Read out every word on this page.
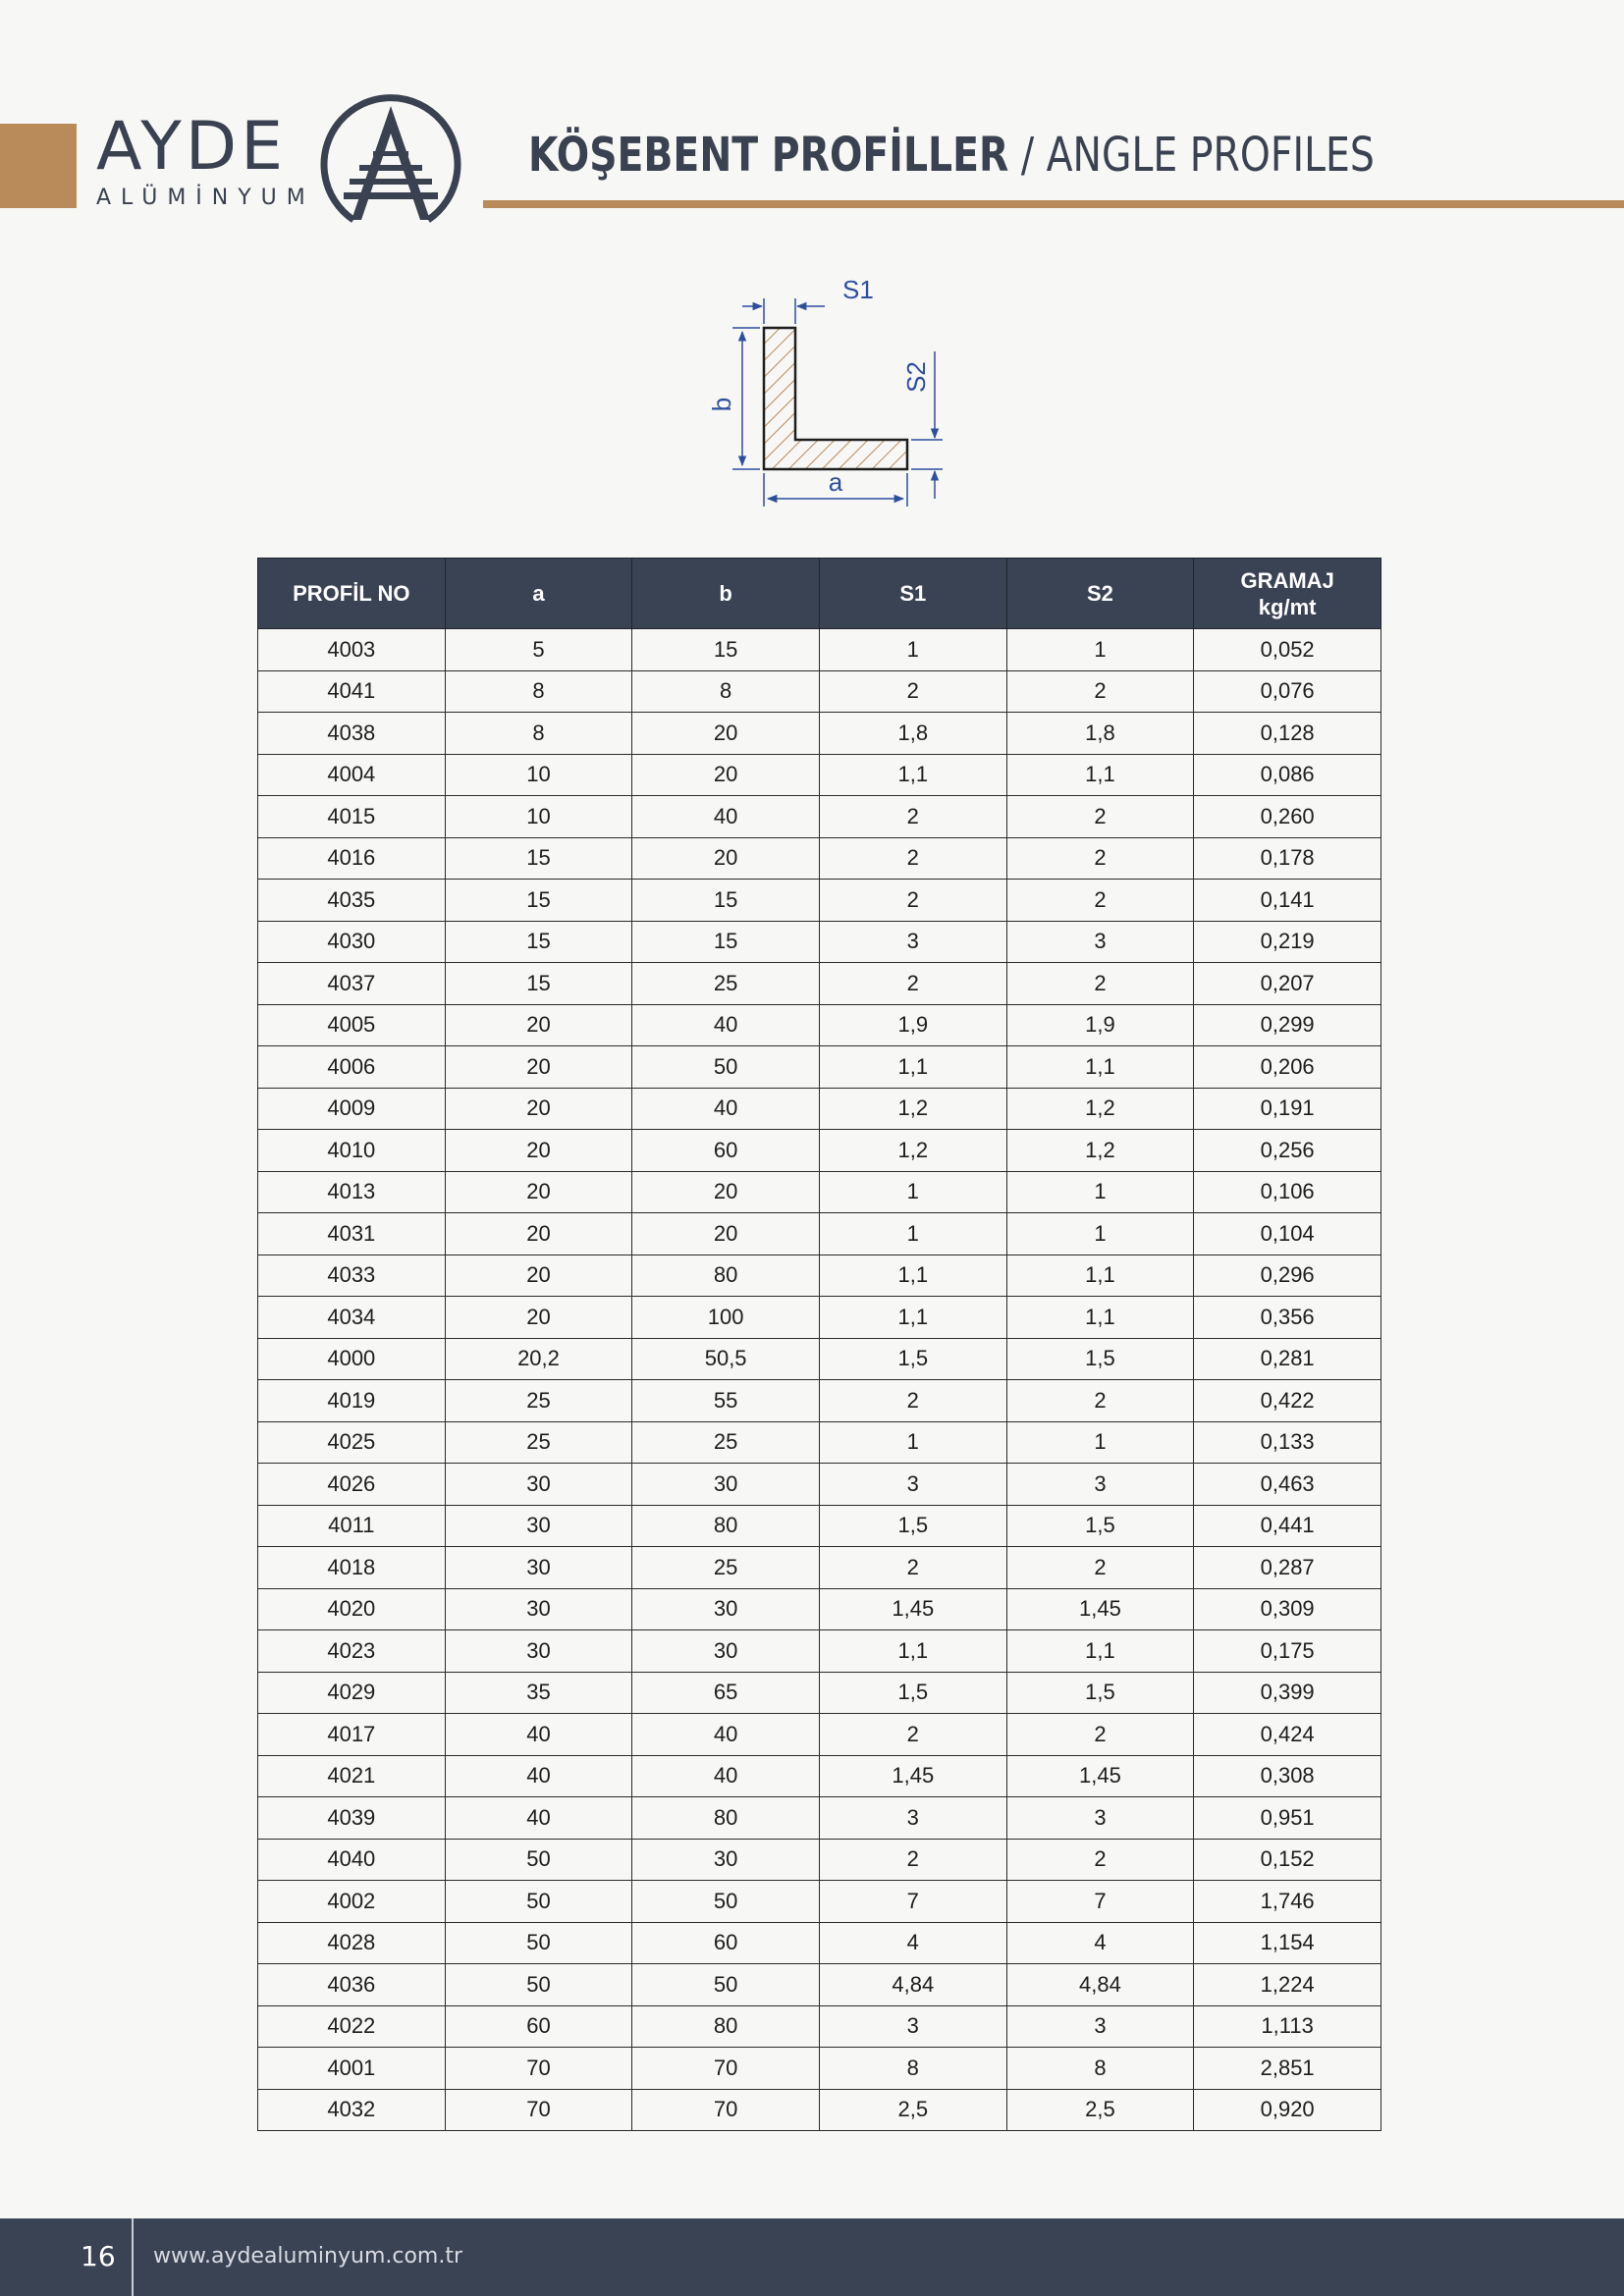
AYDE
ALÜMİNYUM
KÖŞEBENT PROFİLLER / ANGLE PROFILES
S1
b
S2
a
PROFİL NO	a	b	S1	S2	GRAMAJ
kg/mt
4003	5	15	1	1	0,052
4041	8	8	2	2	0,076
4038	8	20	1,8	1,8	0,128
4004	10	20	1,1	1,1	0,086
4015	10	40	2	2	0,260
4016	15	20	2	2	0,178
4035	15	15	2	2	0,141
4030	15	15	3	3	0,219
4037	15	25	2	2	0,207
4005	20	40	1,9	1,9	0,299
4006	20	50	1,1	1,1	0,206
4009	20	40	1,2	1,2	0,191
4010	20	60	1,2	1,2	0,256
4013	20	20	1	1	0,106
4031	20	20	1	1	0,104
4033	20	80	1,1	1,1	0,296
4034	20	100	1,1	1,1	0,356
4000	20,2	50,5	1,5	1,5	0,281
4019	25	55	2	2	0,422
4025	25	25	1	1	0,133
4026	30	30	3	3	0,463
4011	30	80	1,5	1,5	0,441
4018	30	25	2	2	0,287
4020	30	30	1,45	1,45	0,309
4023	30	30	1,1	1,1	0,175
4029	35	65	1,5	1,5	0,399
4017	40	40	2	2	0,424
4021	40	40	1,45	1,45	0,308
4039	40	80	3	3	0,951
4040	50	30	2	2	0,152
4002	50	50	7	7	1,746
4028	50	60	4	4	1,154
4036	50	50	4,84	4,84	1,224
4022	60	80	3	3	1,113
4001	70	70	8	8	2,851
4032	70	70	2,5	2,5	0,920
16 www.aydealuminyum.com.tr
